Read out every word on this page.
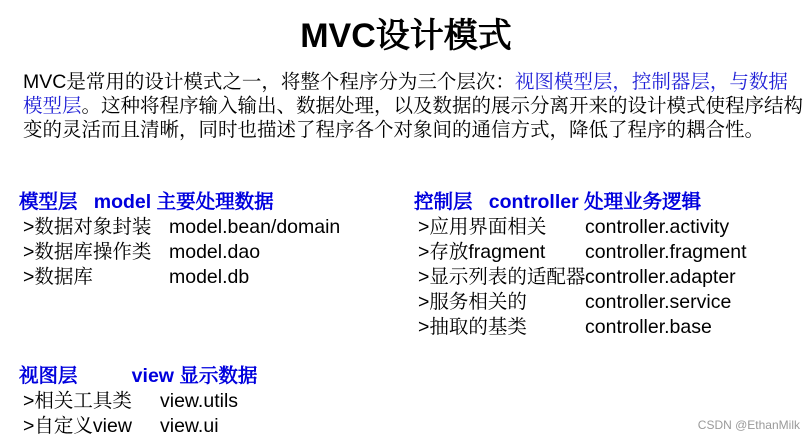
MVC设计模式

MVC是常用的设计模式之一，将整个程序分为三个层次：视图模型层，控制器层，与数据模型层。这种将程序输入输出、数据处理，以及数据的展示分离开来的设计模式使程序结构变的灵活而且清晰，同时也描述了程序各个对象间的通信方式，降低了程序的耦合性。

模型层   model 主要处理数据
>数据对象封装 model.bean/domain
>数据库操作类 model.dao
>数据库	model.db
控制层   controller 处理业务逻辑
>应用界面相关	controller.activity
>存放fragment	controller.fragment
>显示列表的适配器 controller.adapter
>服务相关的	controller.service
>抽取的基类	controller.base
视图层          view 显示数据
>相关工具类	view.utils
>自定义view	view.ui	CSDN @EthanMilk
